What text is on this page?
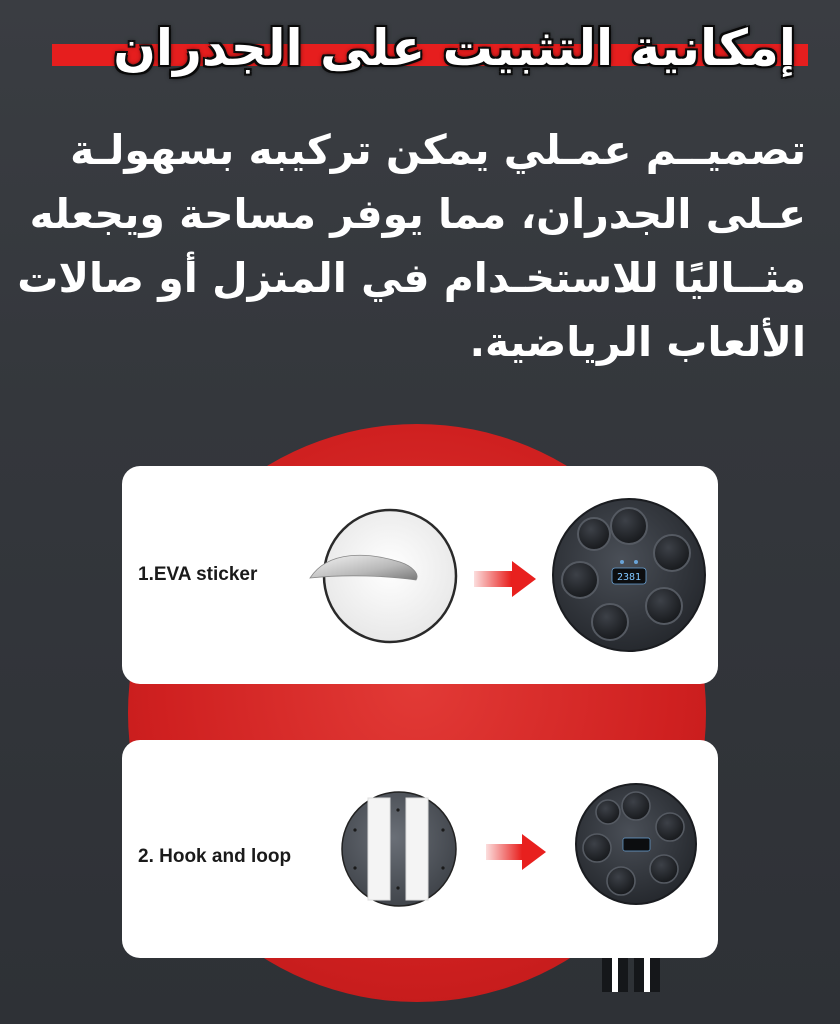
إمكانية التثبيت على الجدران
تصميــم عمـلي يمكن تركيبه بسهولـة
عـلى الجدران، مما يوفر مساحة ويجعله
مثــاليًا للاستخـدام في المنزل أو صالات
الألعاب الرياضية.
1.EVA sticker	2381
2. Hook and loop
